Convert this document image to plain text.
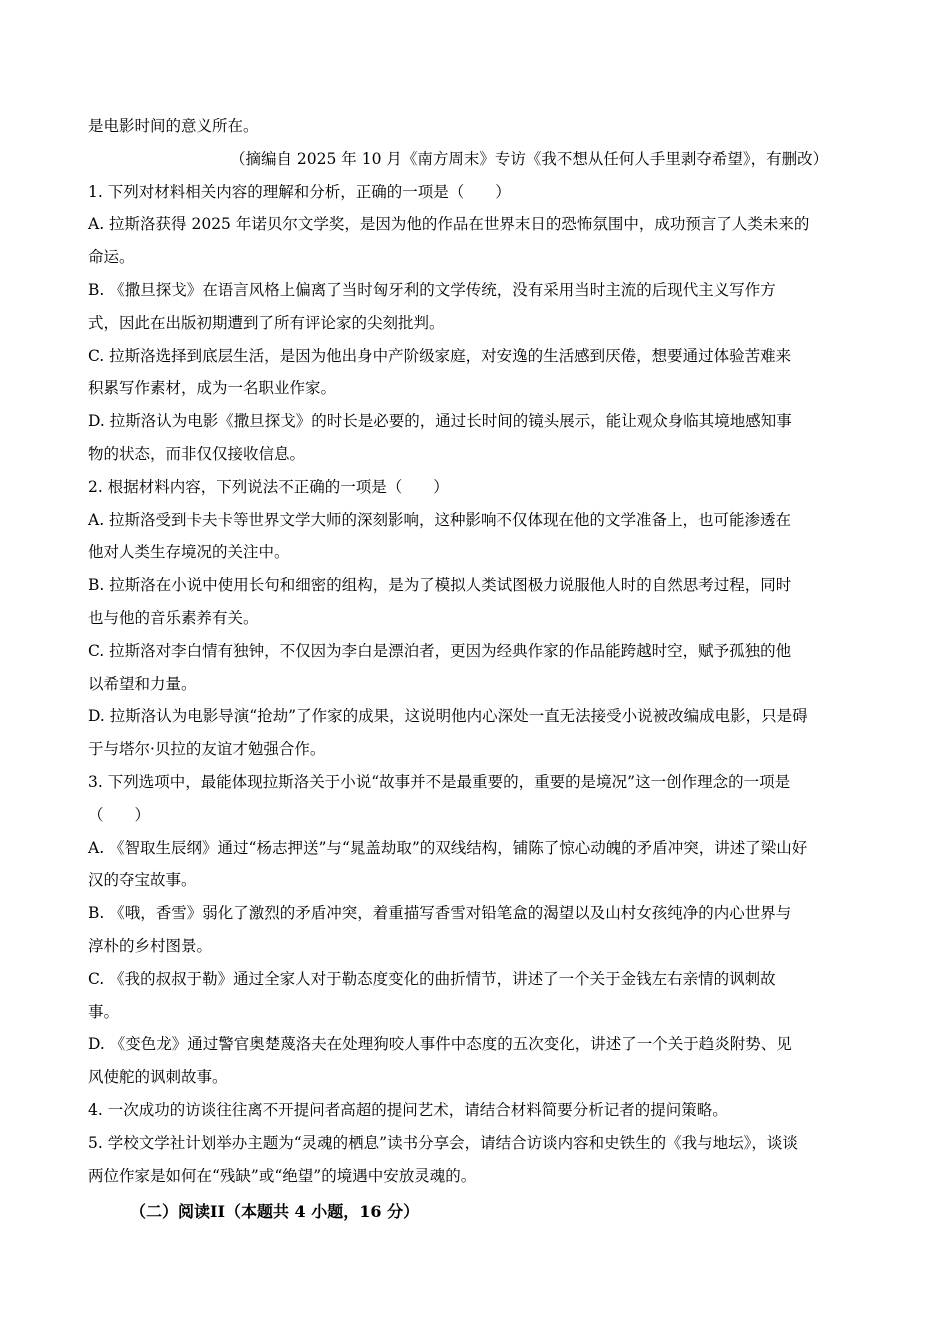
是电影时间的意义所在。
（摘编自 2025 年 10 月《南方周末》专访《我不想从任何人手里剥夺希望》，有删改）
1. 下列对材料相关内容的理解和分析，正确的一项是（　　）
A. 拉斯洛获得 2025 年诺贝尔文学奖，是因为他的作品在世界末日的恐怖氛围中，成功预言了人类未来的
命运。
B. 《撒旦探戈》在语言风格上偏离了当时匈牙利的文学传统，没有采用当时主流的后现代主义写作方
式，因此在出版初期遭到了所有评论家的尖刻批判。
C. 拉斯洛选择到底层生活，是因为他出身中产阶级家庭，对安逸的生活感到厌倦，想要通过体验苦难来
积累写作素材，成为一名职业作家。
D. 拉斯洛认为电影《撒旦探戈》的时长是必要的，通过长时间的镜头展示，能让观众身临其境地感知事
物的状态，而非仅仅接收信息。
2. 根据材料内容，下列说法不正确的一项是（　　）
A. 拉斯洛受到卡夫卡等世界文学大师的深刻影响，这种影响不仅体现在他的文学准备上，也可能渗透在
他对人类生存境况的关注中。
B. 拉斯洛在小说中使用长句和细密的组构，是为了模拟人类试图极力说服他人时的自然思考过程，同时
也与他的音乐素养有关。
C. 拉斯洛对李白情有独钟，不仅因为李白是漂泊者，更因为经典作家的作品能跨越时空，赋予孤独的他
以希望和力量。
D. 拉斯洛认为电影导演“抢劫”了作家的成果，这说明他内心深处一直无法接受小说被改编成电影，只是碍
于与塔尔·贝拉的友谊才勉强合作。
3. 下列选项中，最能体现拉斯洛关于小说“故事并不是最重要的，重要的是境况”这一创作理念的一项是
（　　）
A. 《智取生辰纲》通过“杨志押送”与“晁盖劫取”的双线结构，铺陈了惊心动魄的矛盾冲突，讲述了梁山好
汉的夺宝故事。
B. 《哦，香雪》弱化了激烈的矛盾冲突，着重描写香雪对铅笔盒的渴望以及山村女孩纯净的内心世界与
淳朴的乡村图景。
C. 《我的叔叔于勒》通过全家人对于勒态度变化的曲折情节，讲述了一个关于金钱左右亲情的讽刺故
事。
D. 《变色龙》通过警官奥楚蔑洛夫在处理狗咬人事件中态度的五次变化，讲述了一个关于趋炎附势、见
风使舵的讽刺故事。
4. 一次成功的访谈往往离不开提问者高超的提问艺术，请结合材料简要分析记者的提问策略。
5. 学校文学社计划举办主题为“灵魂的栖息”读书分享会，请结合访谈内容和史铁生的《我与地坛》，谈谈
两位作家是如何在“残缺”或“绝望”的境遇中安放灵魂的。
（二）阅读II（本题共 4 小题，16 分）
